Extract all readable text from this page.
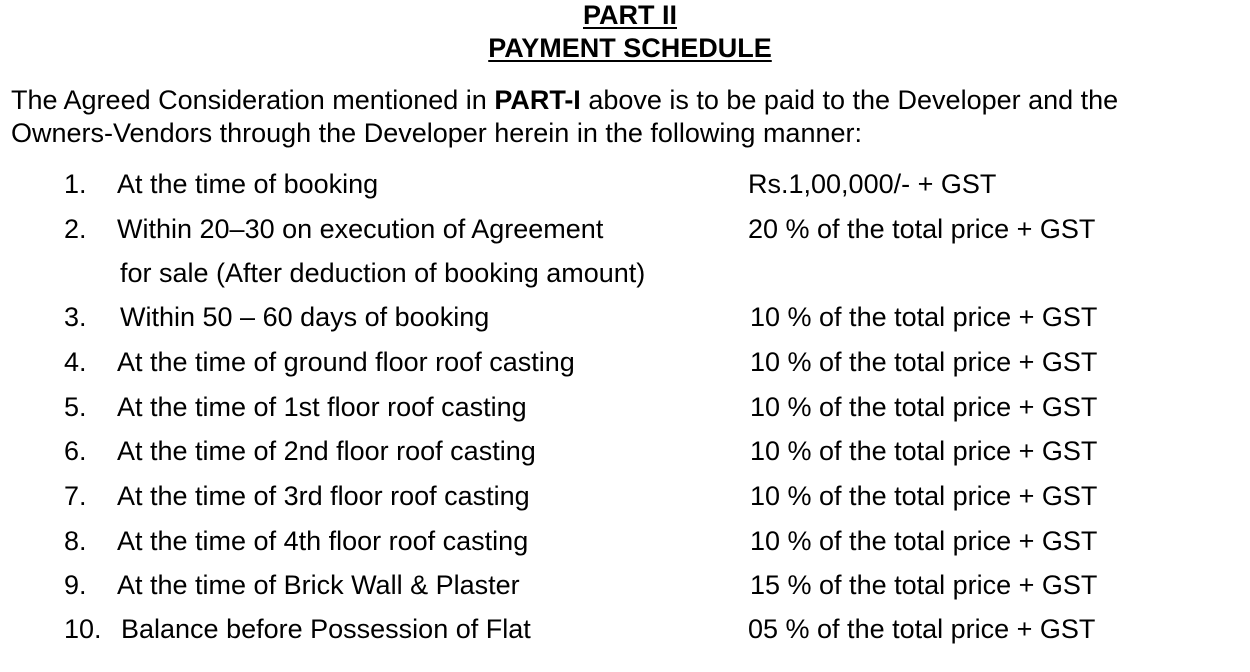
PART II
PAYMENT SCHEDULE
The Agreed Consideration mentioned in PART-I above is to be paid to the Developer and the
Owners-Vendors through the Developer herein in the following manner:
1. At the time of booking	Rs.1,00,000/- + GST
2. Within 20–30 on execution of Agreement	20 % of the total price + GST
for sale (After deduction of booking amount)
3. Within 50 – 60 days of booking	10 % of the total price + GST
4. At the time of ground floor roof casting	10 % of the total price + GST
5. At the time of 1st floor roof casting	10 % of the total price + GST
6. At the time of 2nd floor roof casting	10 % of the total price + GST
7. At the time of 3rd floor roof casting	10 % of the total price + GST
8. At the time of 4th floor roof casting	10 % of the total price + GST
9. At the time of Brick Wall & Plaster	15 % of the total price + GST
10. Balance before Possession of Flat	05 % of the total price + GST
